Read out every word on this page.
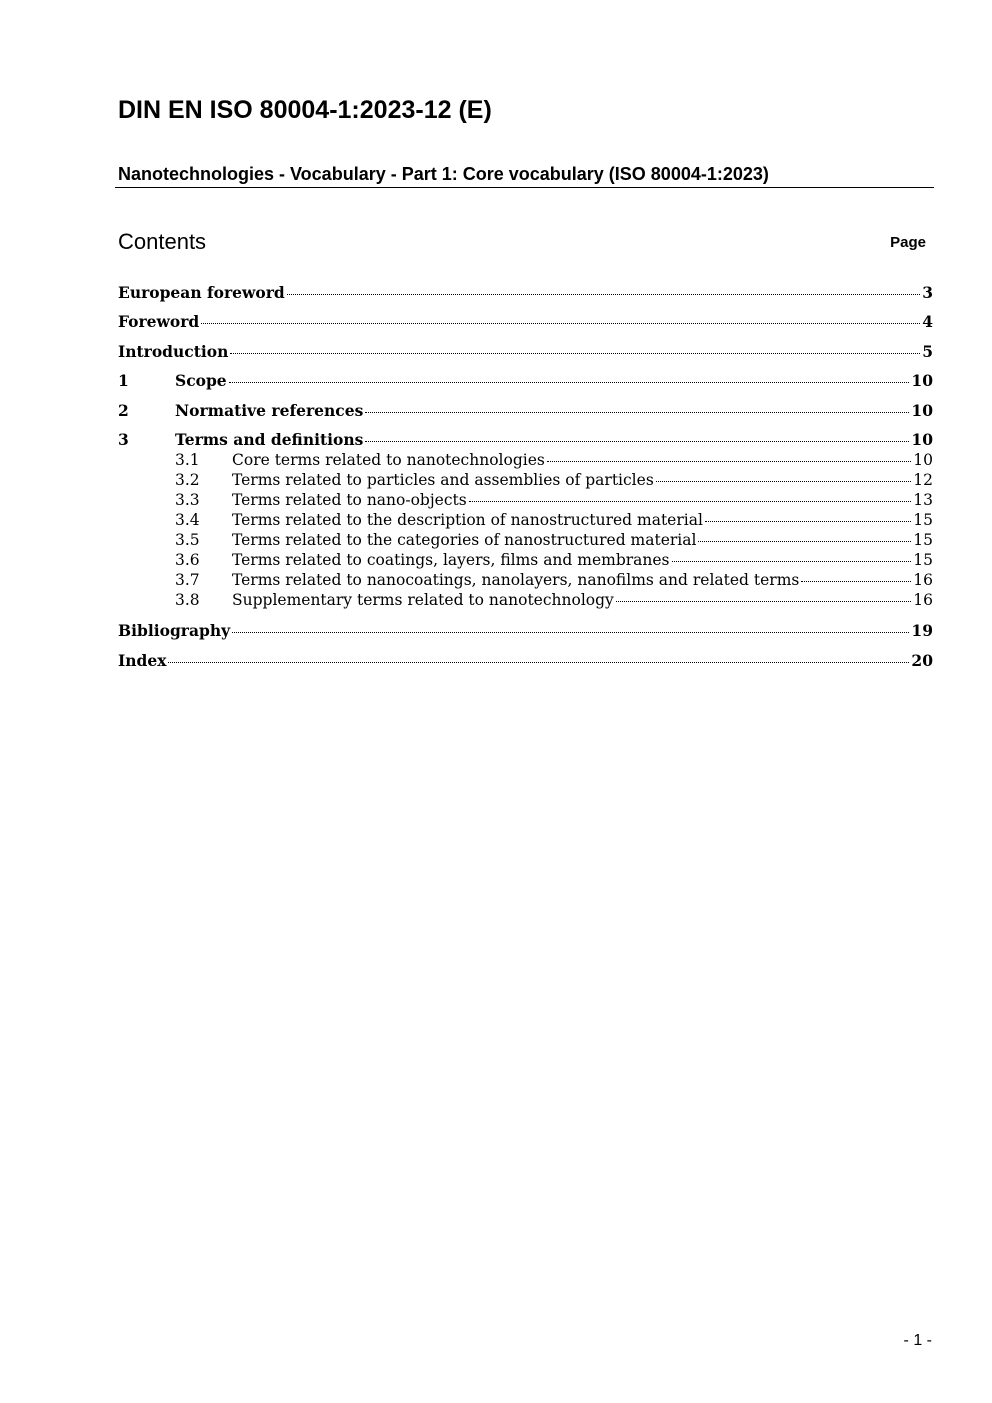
DIN EN ISO 80004-1:2023-12 (E)
Nanotechnologies - Vocabulary - Part 1: Core vocabulary (ISO 80004-1:2023)
Contents	Page
European foreword	3
Foreword	4
Introduction	5
1	Scope	10
2	Normative references	10
3	Terms and definitions	10
3.1	Core terms related to nanotechnologies	10
3.2	Terms related to particles and assemblies of particles	12
3.3	Terms related to nano-objects	13
3.4	Terms related to the description of nanostructured material	15
3.5	Terms related to the categories of nanostructured material	15
3.6	Terms related to coatings, layers, films and membranes	15
3.7	Terms related to nanocoatings, nanolayers, nanofilms and related terms	16
3.8	Supplementary terms related to nanotechnology	16
Bibliography	19
Index	20
- 1 -
